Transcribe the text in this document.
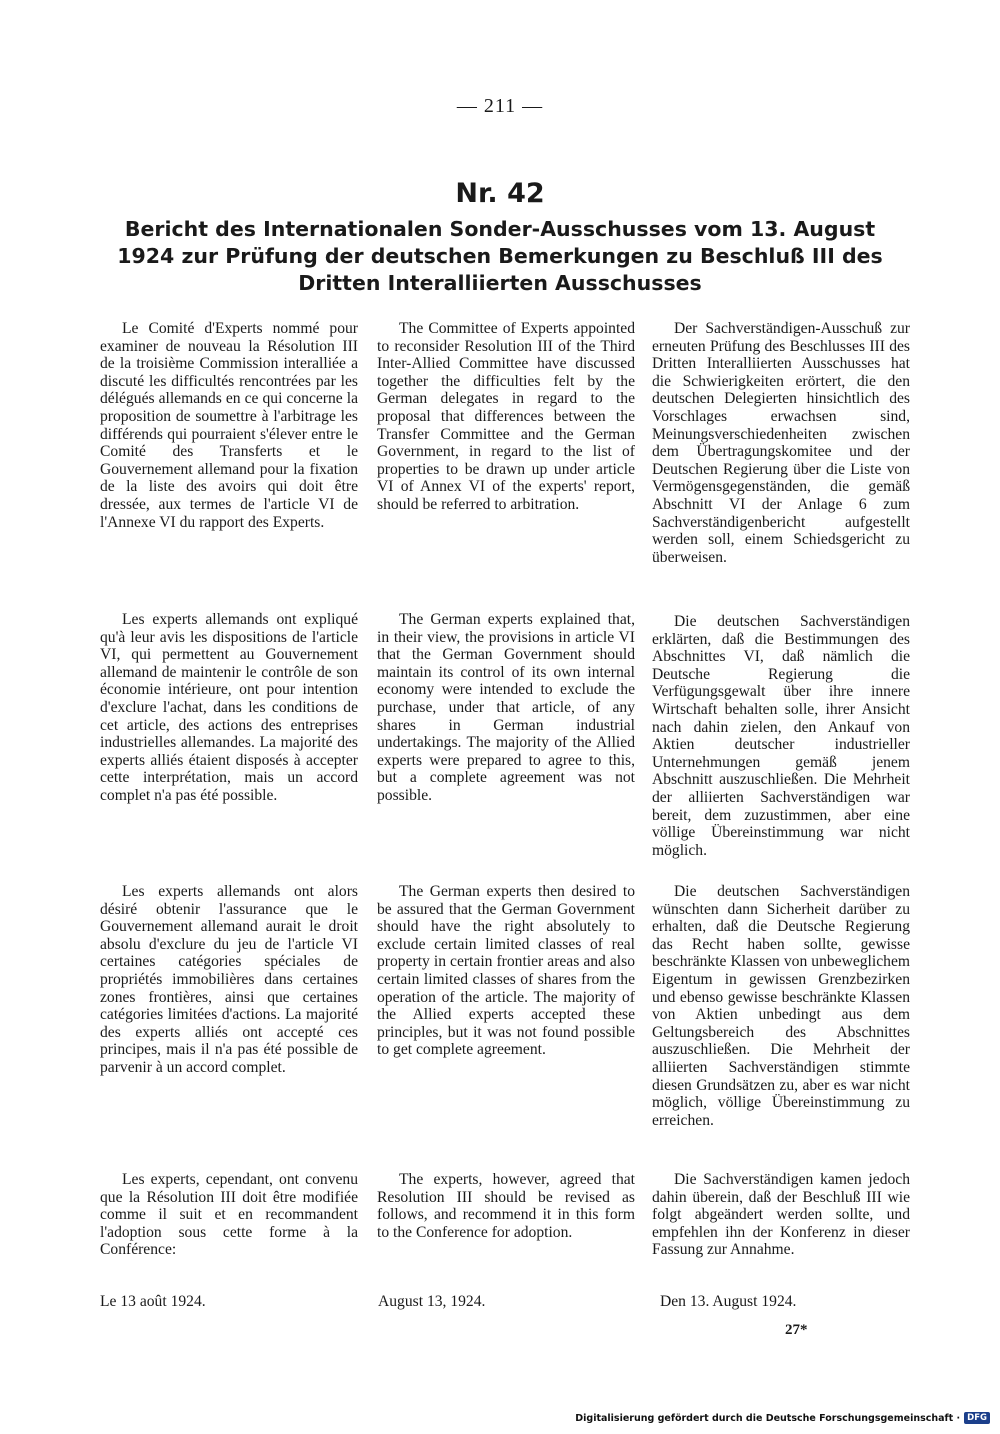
— 211 —
Nr. 42
Bericht des Internationalen Sonder-Ausschusses vom 13. August 1924 zur Prüfung der deutschen Bemerkungen zu Beschluß III des Dritten Interalliierten Ausschusses

Le Comité d'Experts nommé pour examiner de nouveau la Résolution III de la troisième Commission interalliée a discuté les difficultés rencontrées par les délégués allemands en ce qui concerne la proposition de soumettre à l'arbitrage les différends qui pourraient s'élever entre le Comité des Transferts et le Gouvernement allemand pour la fixation de la liste des avoirs qui doit être dressée, aux termes de l'article VI de l'Annexe VI du rapport des Experts.

Les experts allemands ont expliqué qu'à leur avis les dispositions de l'article VI, qui permettent au Gouvernement allemand de maintenir le contrôle de son économie intérieure, ont pour intention d'exclure l'achat, dans les conditions de cet article, des actions des entreprises industrielles allemandes. La majorité des experts alliés étaient disposés à accepter cette interprétation, mais un accord complet n'a pas été possible.

Les experts allemands ont alors désiré obtenir l'assurance que le Gouvernement allemand aurait le droit absolu d'exclure du jeu de l'article VI certaines catégories spéciales de propriétés immobilières dans certaines zones frontières, ainsi que certaines catégories limitées d'actions. La majorité des experts alliés ont accepté ces principes, mais il n'a pas été possible de parvenir à un accord complet.

Les experts, cependant, ont convenu que la Résolution III doit être modifiée comme il suit et en recommandent l'adoption sous cette forme à la Conférence:

The Committee of Experts appointed to reconsider Resolution III of the Third Inter-Allied Committee have discussed together the difficulties felt by the German delegates in regard to the proposal that differences between the Transfer Committee and the German Government, in regard to the list of properties to be drawn up under article VI of Annex VI of the experts' report, should be referred to arbitration.

The German experts explained that, in their view, the provisions in article VI that the German Government should maintain its control of its own internal economy were intended to exclude the purchase, under that article, of any shares in German industrial undertakings. The majority of the Allied experts were prepared to agree to this, but a complete agreement was not possible.

The German experts then desired to be assured that the German Government should have the right absolutely to exclude certain limited classes of real property in certain frontier areas and also certain limited classes of shares from the operation of the article. The majority of the Allied experts accepted these principles, but it was not found possible to get complete agreement.

The experts, however, agreed that Resolution III should be revised as follows, and recommend it in this form to the Conference for adoption.

Der Sachverständigen-Ausschuß zur erneuten Prüfung des Beschlusses III des Dritten Interalliierten Ausschusses hat die Schwierigkeiten erörtert, die den deutschen Delegierten hinsichtlich des Vorschlages erwachsen sind, Meinungsverschiedenheiten zwischen dem Übertragungskomitee und der Deutschen Regierung über die Liste von Vermögensgegenständen, die gemäß Abschnitt VI der Anlage 6 zum Sachverständigenbericht aufgestellt werden soll, einem Schiedsgericht zu überweisen.

Die deutschen Sachverständigen erklärten, daß die Bestimmungen des Abschnittes VI, daß nämlich die Deutsche Regierung die Verfügungsgewalt über ihre innere Wirtschaft behalten solle, ihrer Ansicht nach dahin zielen, den Ankauf von Aktien deutscher industrieller Unternehmungen gemäß jenem Abschnitt auszuschließen. Die Mehrheit der alliierten Sachverständigen war bereit, dem zuzustimmen, aber eine völlige Übereinstimmung war nicht möglich.

Die deutschen Sachverständigen wünschten dann Sicherheit darüber zu erhalten, daß die Deutsche Regierung das Recht haben sollte, gewisse beschränkte Klassen von unbeweglichem Eigentum in gewissen Grenzbezirken und ebenso gewisse beschränkte Klassen von Aktien unbedingt aus dem Geltungsbereich des Abschnittes auszuschließen. Die Mehrheit der alliierten Sachverständigen stimmte diesen Grundsätzen zu, aber es war nicht möglich, völlige Übereinstimmung zu erreichen.

Die Sachverständigen kamen jedoch dahin überein, daß der Beschluß III wie folgt abgeändert werden sollte, und empfehlen ihn der Konferenz in dieser Fassung zur Annahme.

Le 13 août 1924.	August 13, 1924.	Den 13. August 1924.
27*
Digitalisierung gefördert durch die Deutsche Forschungsgemeinschaft · DFG
